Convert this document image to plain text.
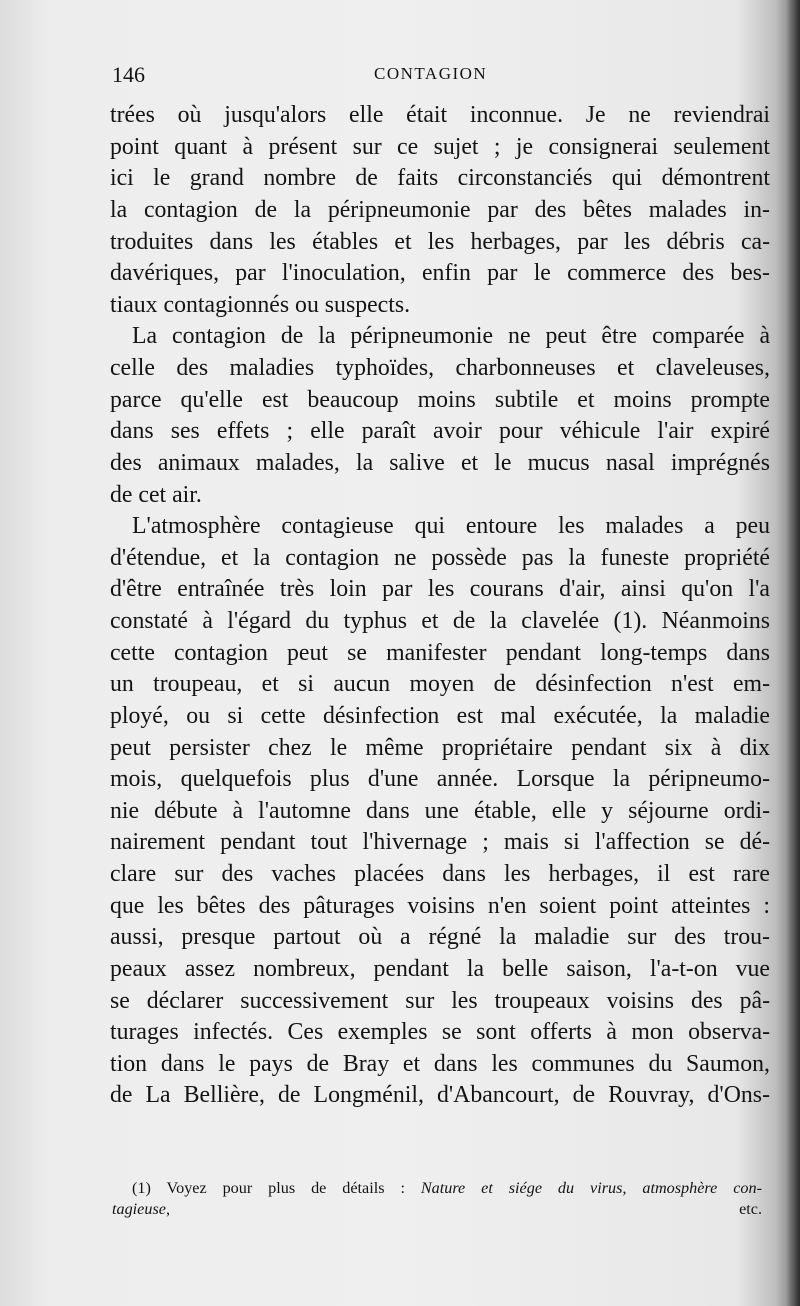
146	CONTAGION
trées où jusqu'alors elle était inconnue. Je ne reviendrai
point quant à présent sur ce sujet ; je consignerai seulement
ici le grand nombre de faits circonstanciés qui démontrent
la contagion de la péripneumonie par des bêtes malades in-
troduites dans les étables et les herbages, par les débris ca-
davériques, par l'inoculation, enfin par le commerce des bes-
tiaux contagionnés ou suspects.
La contagion de la péripneumonie ne peut être comparée à
celle des maladies typhoïdes, charbonneuses et claveleuses,
parce qu'elle est beaucoup moins subtile et moins prompte
dans ses effets ; elle paraît avoir pour véhicule l'air expiré
des animaux malades, la salive et le mucus nasal imprégnés
de cet air.
L'atmosphère contagieuse qui entoure les malades a peu
d'étendue, et la contagion ne possède pas la funeste propriété
d'être entraînée très loin par les courans d'air, ainsi qu'on l'a
constaté à l'égard du typhus et de la clavelée (1). Néanmoins
cette contagion peut se manifester pendant long-temps dans
un troupeau, et si aucun moyen de désinfection n'est em-
ployé, ou si cette désinfection est mal exécutée, la maladie
peut persister chez le même propriétaire pendant six à dix
mois, quelquefois plus d'une année. Lorsque la péripneumo-
nie débute à l'automne dans une étable, elle y séjourne ordi-
nairement pendant tout l'hivernage ; mais si l'affection se dé-
clare sur des vaches placées dans les herbages, il est rare
que les bêtes des pâturages voisins n'en soient point atteintes :
aussi, presque partout où a régné la maladie sur des trou-
peaux assez nombreux, pendant la belle saison, l'a-t-on vue
se déclarer successivement sur les troupeaux voisins des pâ-
turages infectés. Ces exemples se sont offerts à mon observa-
tion dans le pays de Bray et dans les communes du Saumon,
de La Bellière, de Longménil, d'Abancourt, de Rouvray, d'Ons-
(1) Voyez pour plus de détails : Nature et siége du virus, atmosphère con-
tagieuse, etc.
